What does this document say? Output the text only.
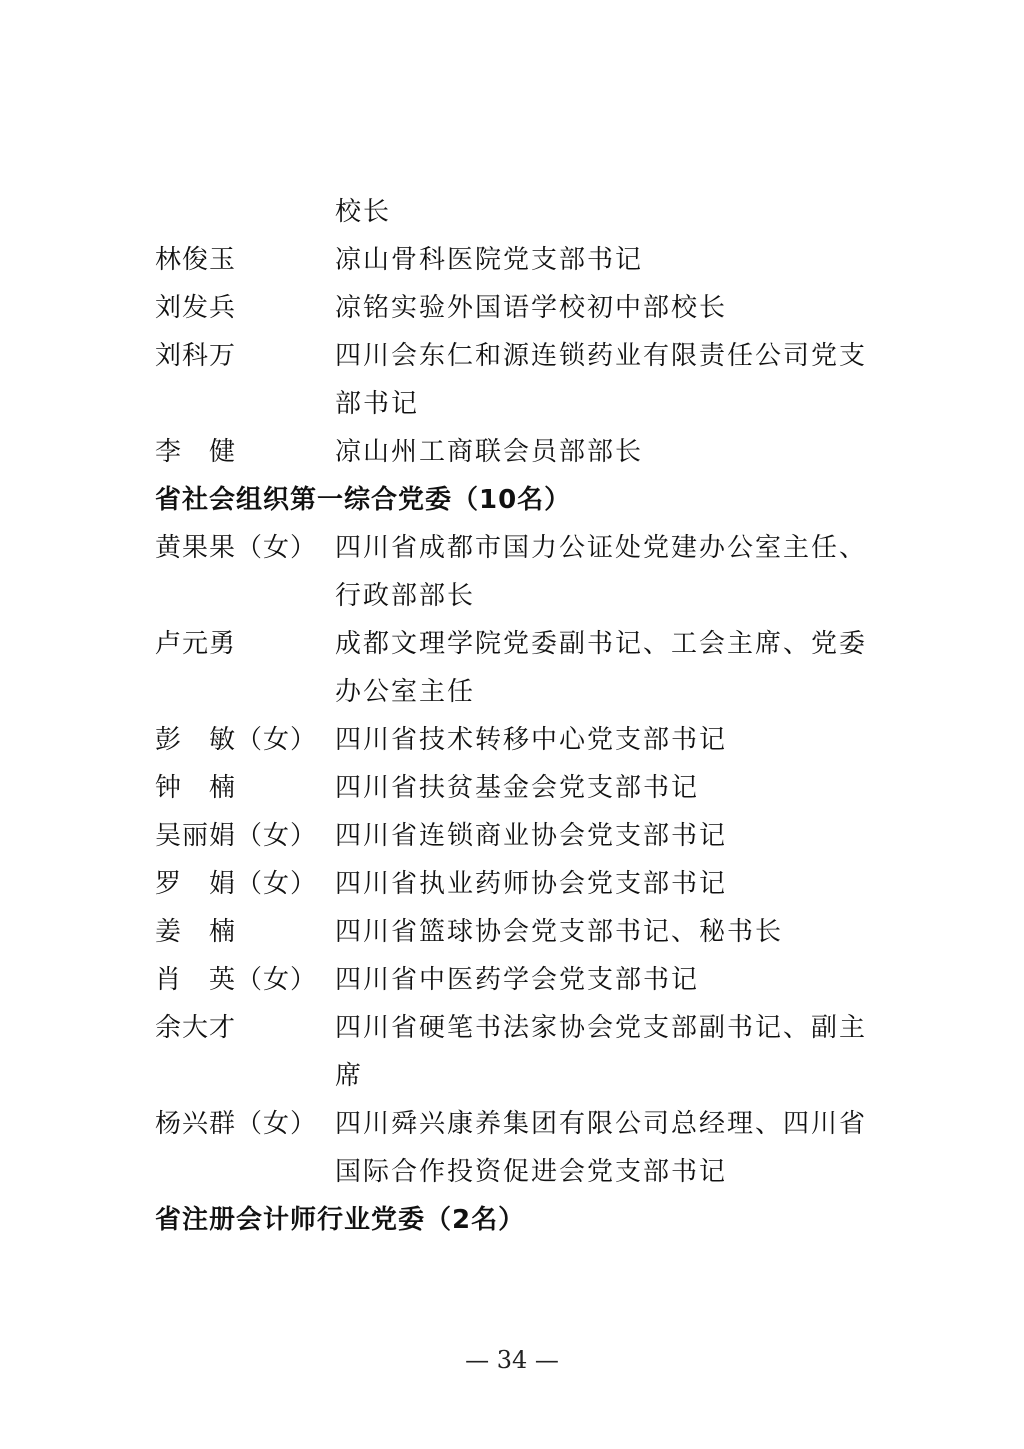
校长
林俊玉	凉山骨科医院党支部书记
刘发兵	凉铭实验外国语学校初中部校长
刘科万	四川会东仁和源连锁药业有限责任公司党支
部书记
李　健	凉山州工商联会员部部长
省社会组织第一综合党委（10名）
黄果果（女） 四川省成都市国力公证处党建办公室主任、
行政部部长
卢元勇	成都文理学院党委副书记、工会主席、党委
办公室主任
彭　敏（女） 四川省技术转移中心党支部书记
钟　楠	四川省扶贫基金会党支部书记
吴丽娟（女） 四川省连锁商业协会党支部书记
罗　娟（女） 四川省执业药师协会党支部书记
姜　楠	四川省篮球协会党支部书记、秘书长
肖　英（女） 四川省中医药学会党支部书记
余大才	四川省硬笔书法家协会党支部副书记、副主
席
杨兴群（女） 四川舜兴康养集团有限公司总经理、四川省
国际合作投资促进会党支部书记
省注册会计师行业党委（2名）
— 34 —
